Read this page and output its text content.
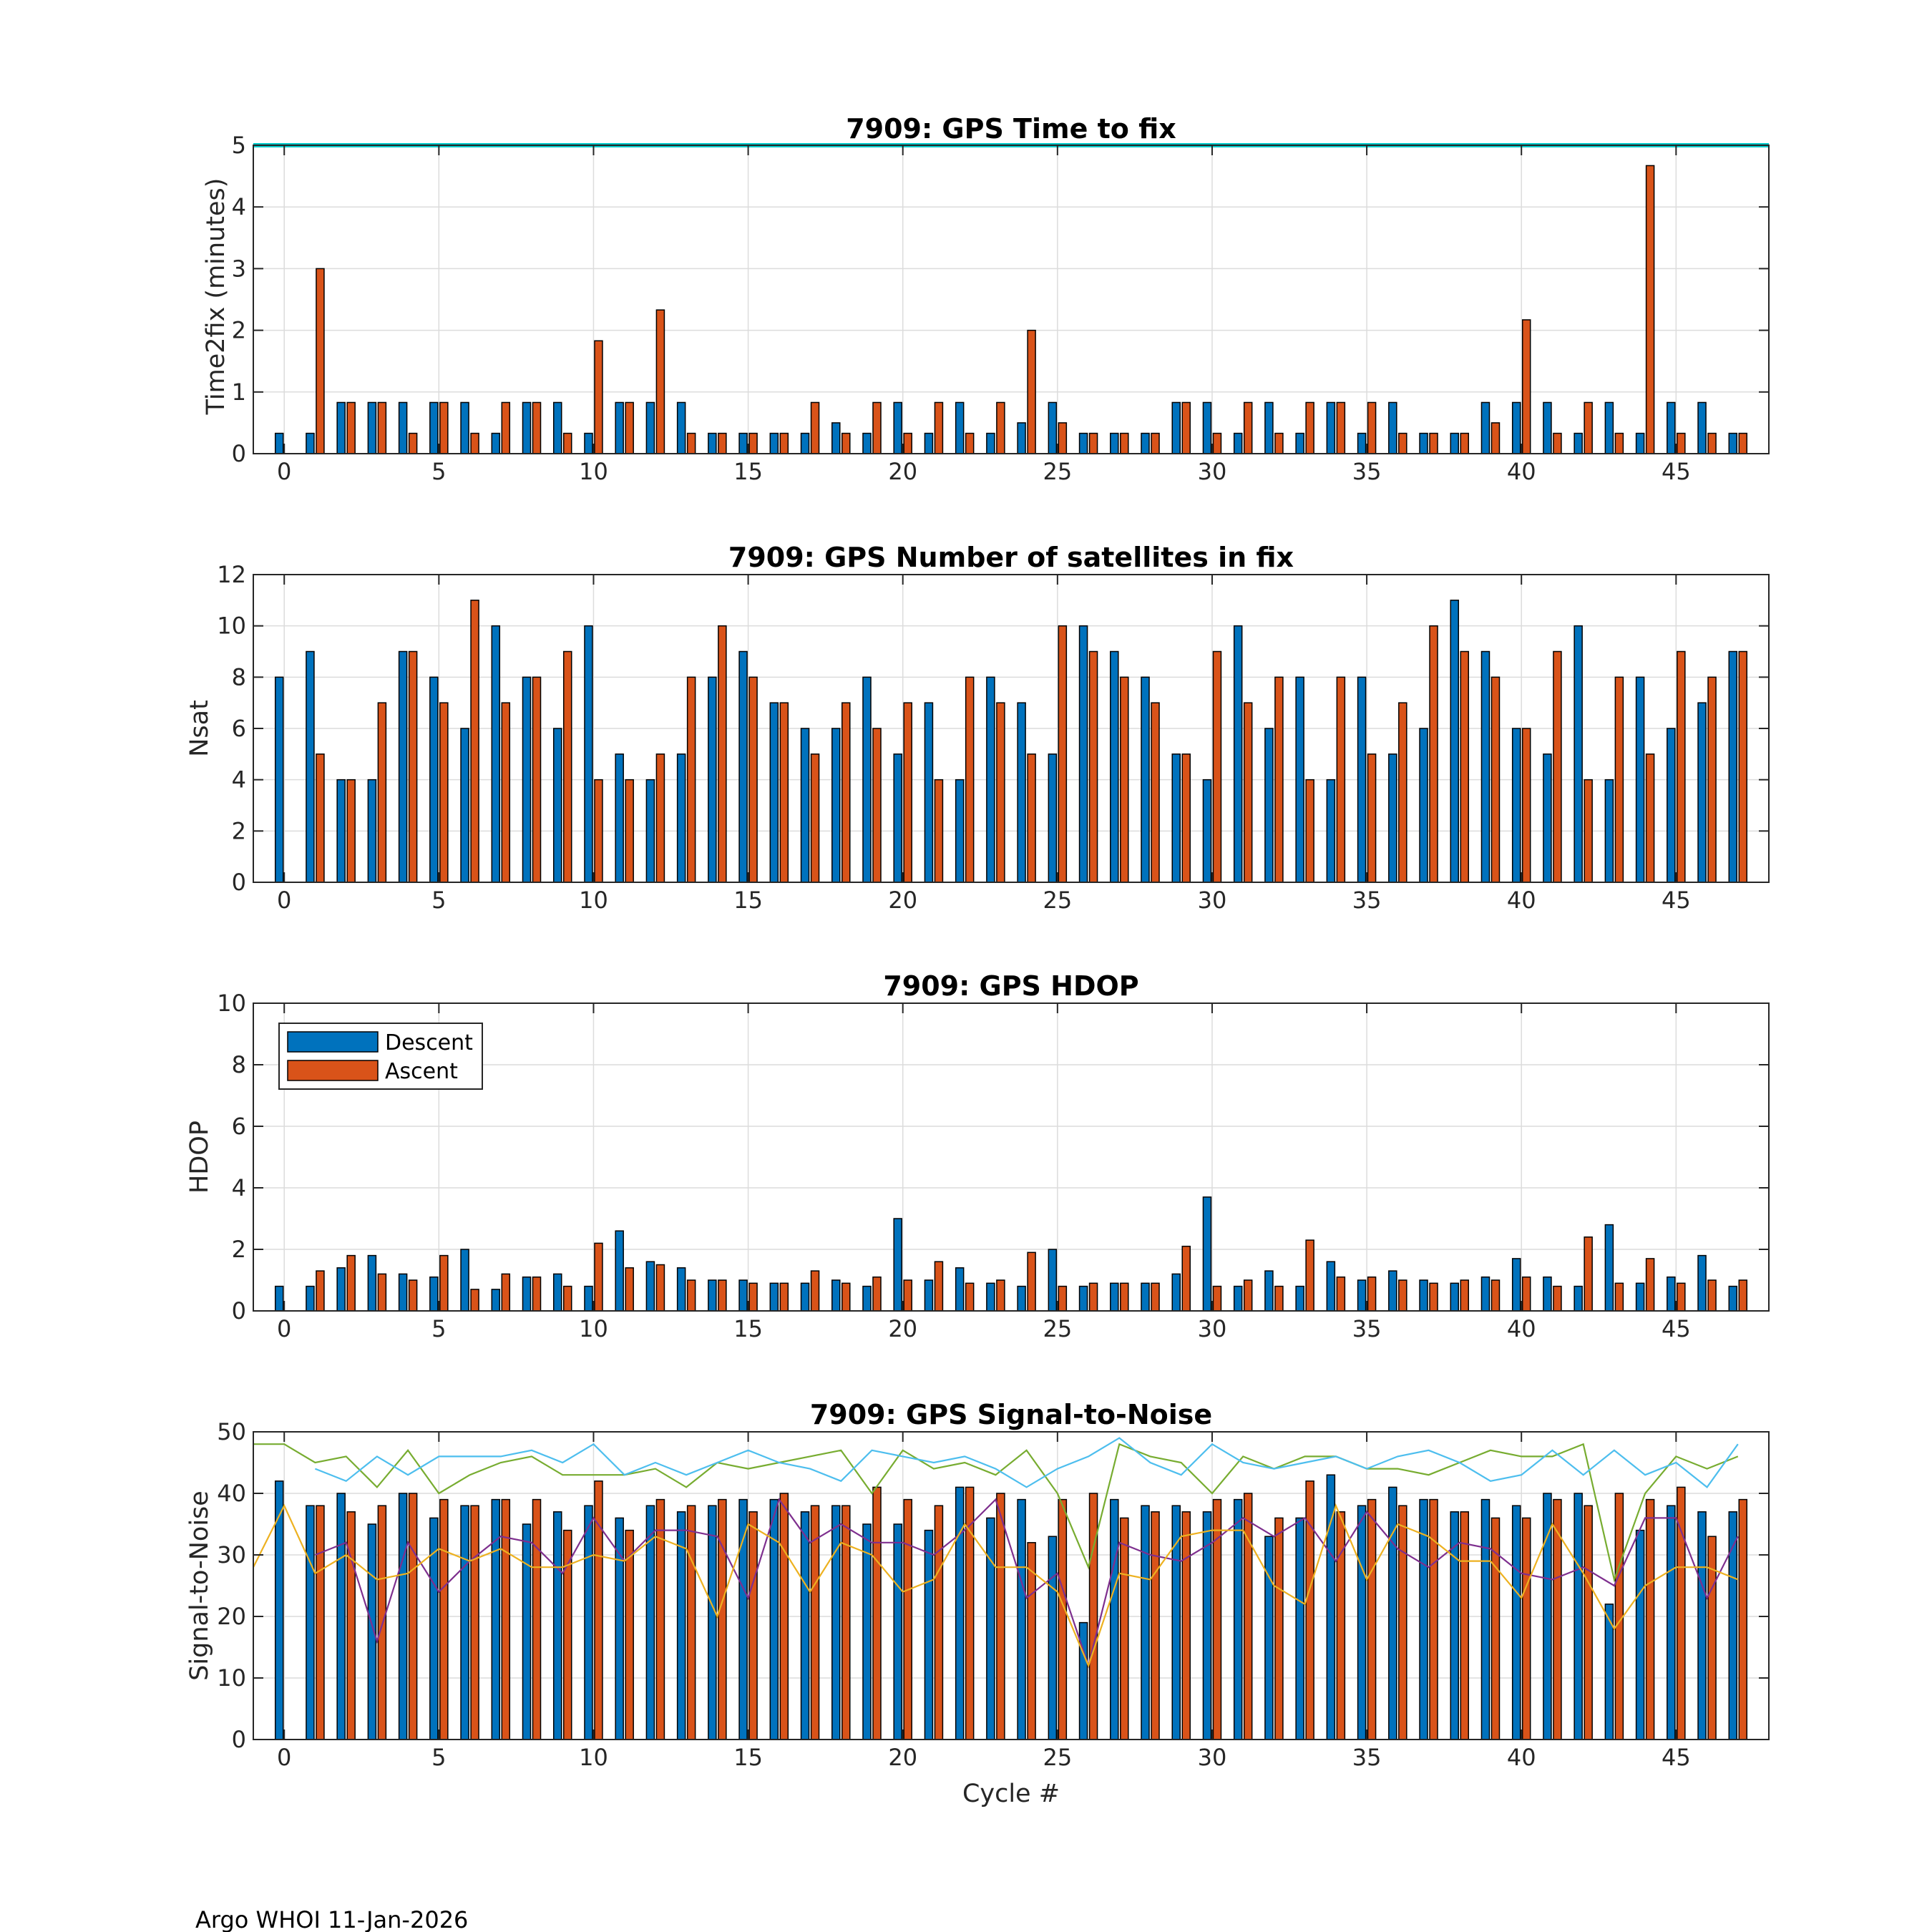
0	5	10	15	20	25	30	35	40	45
0
1
2
3
4
5
7909: GPS Time to fix
Time2fix (minutes)
0	5	10	15	20	25	30	35	40	45
0
2
4
6
8
10
12
7909: GPS Number of satellites in fix
Nsat
0	5	10	15	20	25	30	35	40	45
0
2
4
6
8
10
7909: GPS HDOP
HDOP
Descent
Ascent
0	5	10	15	20	25	30	35	40	45
0
10
20
30
40
50
7909: GPS Signal-to-Noise
Signal-to-Noise
Cycle #
Argo WHOI 11-Jan-2026
